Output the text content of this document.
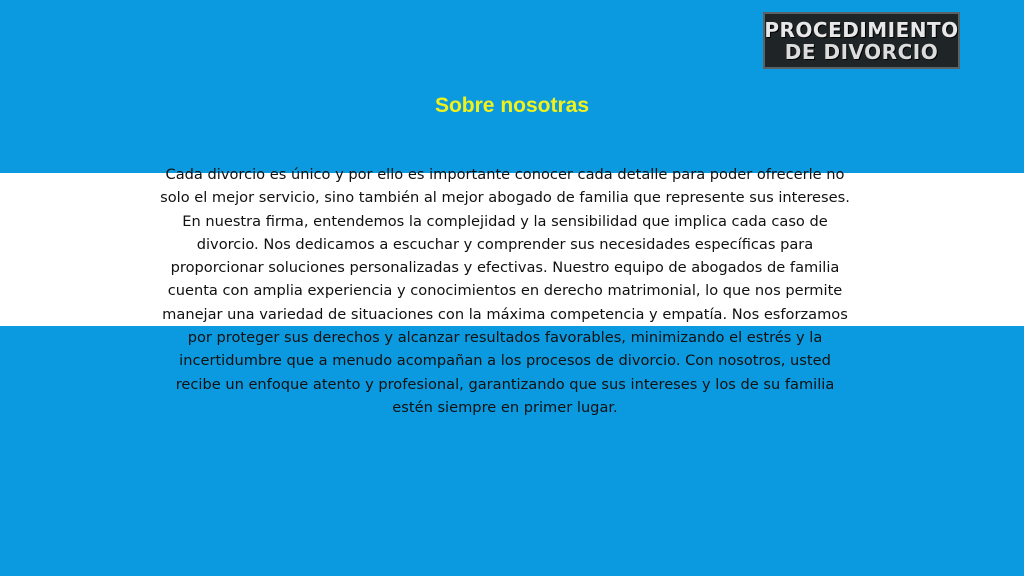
PROCEDIMIENTO
DE DIVORCIO
Sobre nosotras

Cada divorcio es único y por ello es importante conocer cada detalle para poder ofrecerle no solo el mejor servicio, sino también al mejor abogado de familia que represente sus intereses. En nuestra firma, entendemos la complejidad y la sensibilidad que implica cada caso de divorcio. Nos dedicamos a escuchar y comprender sus necesidades específicas para proporcionar soluciones personalizadas y efectivas. Nuestro equipo de abogados de familia cuenta con amplia experiencia y conocimientos en derecho matrimonial, lo que nos permite manejar una variedad de situaciones con la máxima competencia y empatía. Nos esforzamos por proteger sus derechos y alcanzar resultados favorables, minimizando el estrés y la incertidumbre que a menudo acompañan a los procesos de divorcio. Con nosotros, usted recibe un enfoque atento y profesional, garantizando que sus intereses y los de su familia estén siempre en primer lugar.
